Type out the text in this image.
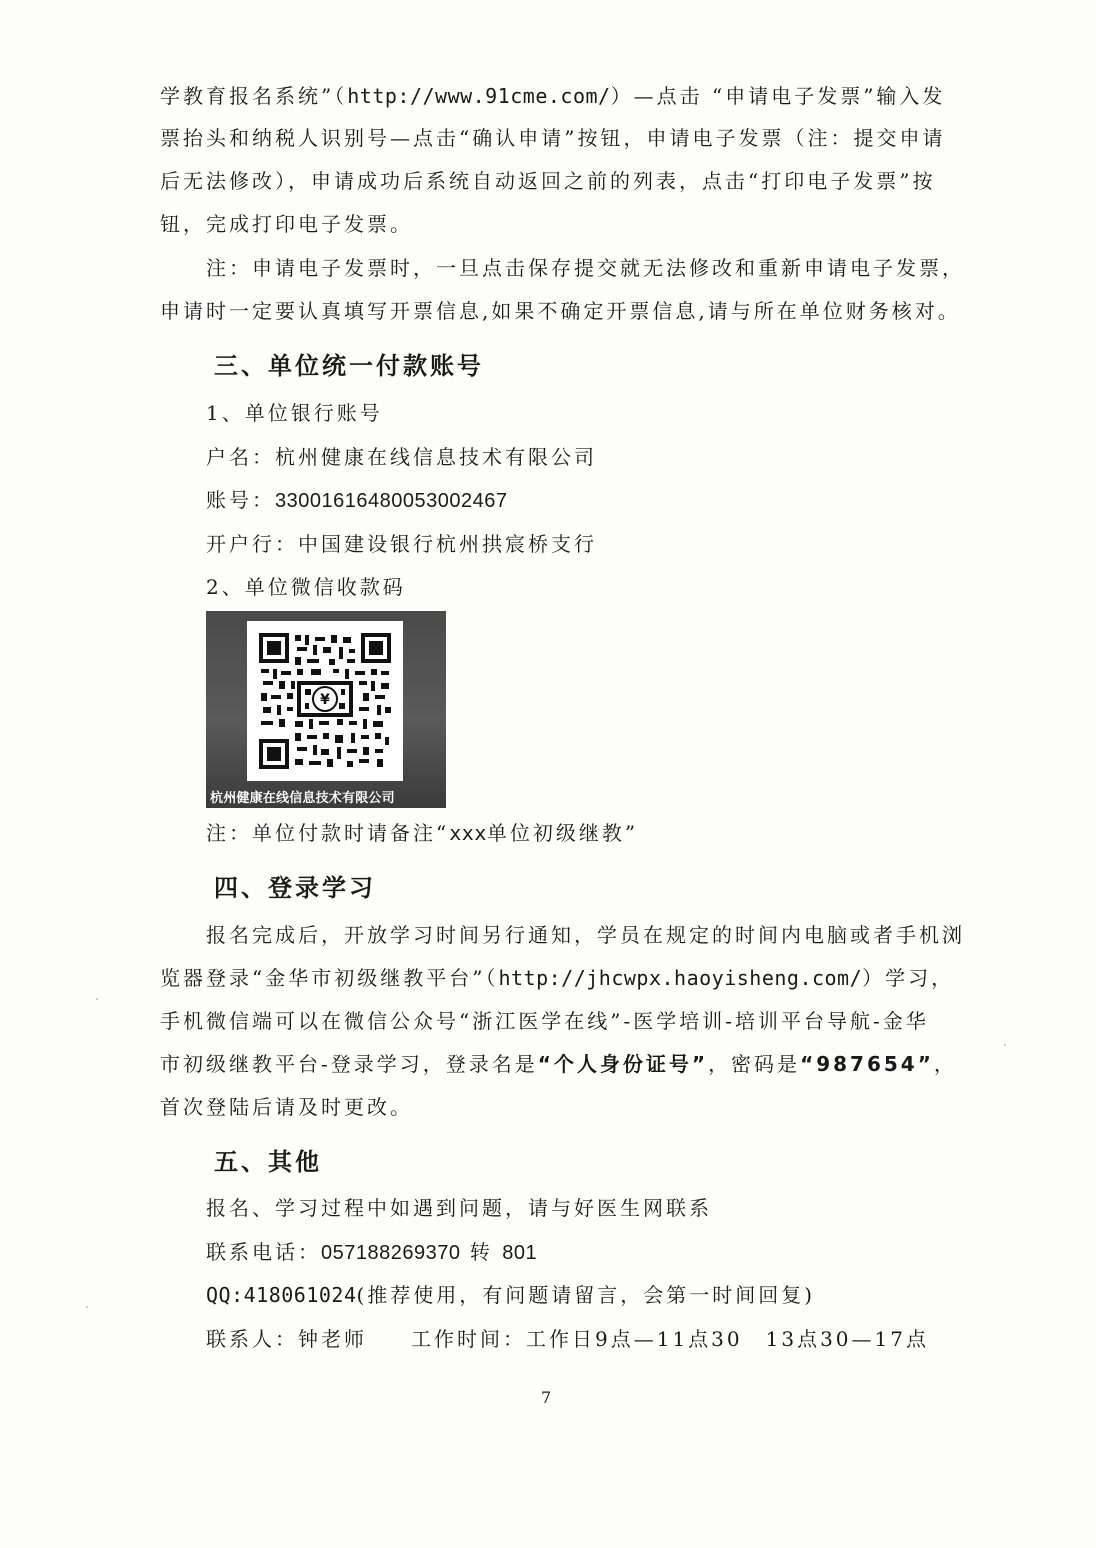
学教育报名系统”（http://www.91cme.com/）—点击 “申请电子发票”输入发
票抬头和纳税人识别号—点击“确认申请”按钮，申请电子发票（注：提交申请
后无法修改），申请成功后系统自动返回之前的列表，点击“打印电子发票”按
钮，完成打印电子发票。
注：申请电子发票时，一旦点击保存提交就无法修改和重新申请电子发票，
申请时一定要认真填写开票信息,如果不确定开票信息,请与所在单位财务核对。
三、单位统一付款账号
1、单位银行账号
户名：杭州健康在线信息技术有限公司
账号：33001616480053002467
开户行：中国建设银行杭州拱宸桥支行
2、单位微信收款码
¥
杭州健康在线信息技术有限公司
注：单位付款时请备注“xxx单位初级继教”
四、登录学习
报名完成后，开放学习时间另行通知，学员在规定的时间内电脑或者手机浏
览器登录“金华市初级继教平台”（http://jhcwpx.haoyisheng.com/）学习，
手机微信端可以在微信公众号“浙江医学在线”-医学培训-培训平台导航-金华
市初级继教平台-登录学习，登录名是“个人身份证号”，密码是“987654”，
首次登陆后请及时更改。
五、其他
报名、学习过程中如遇到问题，请与好医生网联系
联系电话：057188269370 转 801
QQ:418061024(推荐使用，有问题请留言，会第一时间回复)
联系人：钟老师 工作时间：工作日9点—11点30　13点30—17点
7
